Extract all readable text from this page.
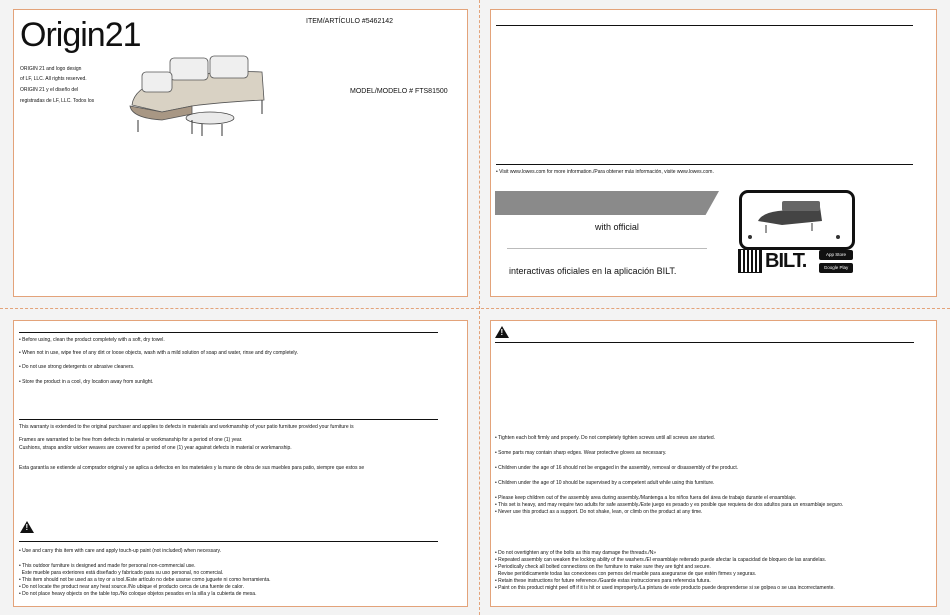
Origin21	ITEM/ARTÍCULO #5462142
MODEL/MODELO # FTS81500
ORIGIN 21 and logo design
of LF, LLC. All rights reserved.
ORIGIN 21 y el diseño del
registradas de LF, LLC. Todos los
• Visit www.lowes.com for more information./Para obtener más información, visite www.lowes.com.
with official
interactivas oficiales en la aplicación BILT.	BILT.	App Store
Google Play
• Before using, clean the product completely with a soft, dry towel.
• When not in use, wipe free of any dirt or loose objects, wash with a mild solution of soap and water, rinse and dry completely.
• Do not use strong detergents or abrasive cleaners.
• Store the product in a cool, dry location away from sunlight.
This warranty is extended to the original purchaser and applies to defects in materials and workmanship of your patio furniture provided your furniture is
Frames are warranted to be free from defects in material or workmanship for a period of one (1) year.
Cushions, straps and/or wicker weaves are covered for a period of one (1) year against defects in material or workmanship.
Esta garantía se extiende al comprador original y se aplica a defectos en los materiales y la mano de obra de sus muebles para patio, siempre que estos se
!
• Use and carry this item with care and apply touch-up paint (not included) when necessary.
• This outdoor furniture is designed and made for personal non-commercial use.
Este mueble para exteriores está diseñado y fabricado para su uso personal, no comercial.
• This item should not be used as a toy or a tool./Este artículo no debe usarse como juguete ni como herramienta.
• Do not locate the product near any heat source./No ubique el producto cerca de una fuente de calor.
• Do not place heavy objects on the table top./No coloque objetos pesados en la silla y la cubierta de mesa.
!
• Tighten each bolt firmly and properly. Do not completely tighten screws until all screws are started.
• Some parts may contain sharp edges. Wear protective gloves as necessary.
• Children under the age of 16 should not be engaged in the assembly, removal or disassembly of the product.
• Children under the age of 10 should be supervised by a competent adult while using this furniture.
• Please keep children out of the assembly area during assembly./Mantenga a los niños fuera del área de trabajo durante el ensamblaje.
• This set is heavy, and may require two adults for safe assembly./Este juego es pesado y es posible que requiera de dos adultos para un ensamblaje seguro.
• Never use this product as a support. Do not shake, lean, or climb on the product at any time.
• Do not overtighten any of the bolts as this may damage the threads./N»
• Repeated assembly can weaken the locking ability of the washers./El ensamblaje reiterado puede afectar la capacidad de bloqueo de las arandelas.
• Periodically check all bolted connections on the furniture to make sure they are tight and secure.
Revise periódicamente todas las conexiones con pernos del mueble para asegurarse de que estén firmes y seguras.
• Retain these instructions for future reference./Guarde estas instrucciones para referencia futura.
• Paint on this product might peel off if it is hit or used improperly./La pintura de este producto puede desprenderse si se golpea o se usa incorrectamente.
